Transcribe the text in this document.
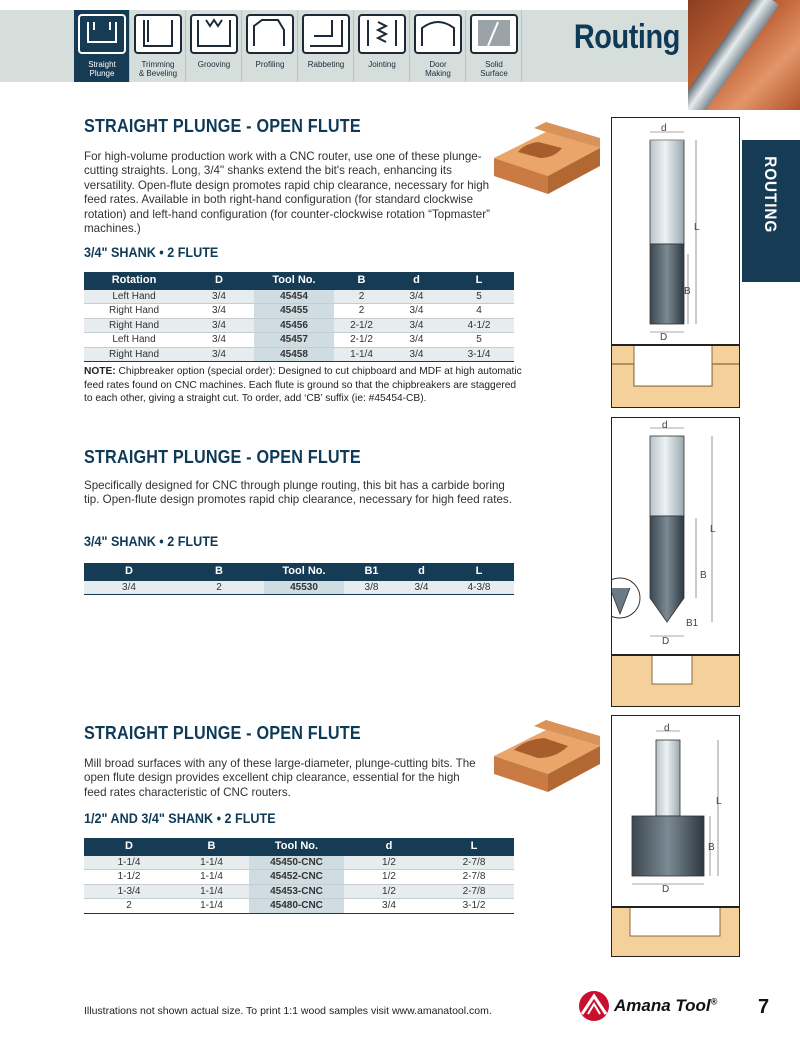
Straight
Plunge
Trimming
& Beveling
Grooving	Profiling	Rabbeting	Jointing	Door
Making
Solid
Surface
Routing
ROUTING
STRAIGHT PLUNGE - OPEN FLUTE
For high-volume production work with a CNC router, use one of these plunge-cutting straights. Long, 3/4" shanks extend the bit's reach, enhancing its versatility. Open-flute design promotes rapid chip clearance, necessary for high feed rates. Available in both right-hand configuration (for standard clockwise rotation) and left-hand configuration (for counter-clockwise rotation “Topmaster” machines.)
3/4" SHANK • 2 FLUTE
Rotation	D	Tool No.	B	d	L
Left Hand	3/4	45454	2	3/4	5
Right Hand	3/4	45455	2	3/4	4
Right Hand	3/4	45456	2-1/2	3/4	4-1/2
Left Hand	3/4	45457	2-1/2	3/4	5
Right Hand	3/4	45458	1-1/4	3/4	3-1/4
NOTE: Chipbreaker option (special order): Designed to cut chipboard and MDF at high automatic feed rates found on CNC machines. Each flute is ground so that the chipbreakers are staggered to each other, giving a straight cut. To order, add ‘CB’ suffix (ie: #45454-CB).
d
L
B
D
STRAIGHT PLUNGE - OPEN FLUTE
Specifically designed for CNC through plunge routing, this bit has a carbide boring tip. Open-flute design promotes rapid chip clearance, necessary for high feed rates.
3/4" SHANK • 2 FLUTE
D	B	Tool No.	B1	d	L
3/4	2	45530	3/8	3/4	4-3/8
d
L
B
B1
D
STRAIGHT PLUNGE - OPEN FLUTE
Mill broad surfaces with any of these large-diameter, plunge-cutting bits. The open flute design provides excellent chip clearance, essential for the high feed rates characteristic of CNC routers.
1/2" AND 3/4" SHANK • 2 FLUTE
D	B	Tool No.	d	L
1-1/4	1-1/4	45450-CNC	1/2	2-7/8
1-1/2	1-1/4	45452-CNC	1/2	2-7/8
1-3/4	1-1/4	45453-CNC	1/2	2-7/8
2	1-1/4	45480-CNC	3/4	3-1/2
d
L
B
D
Illustrations not shown actual size. To print 1:1 wood samples visit www.amanatool.com.	Amana Tool® 7
